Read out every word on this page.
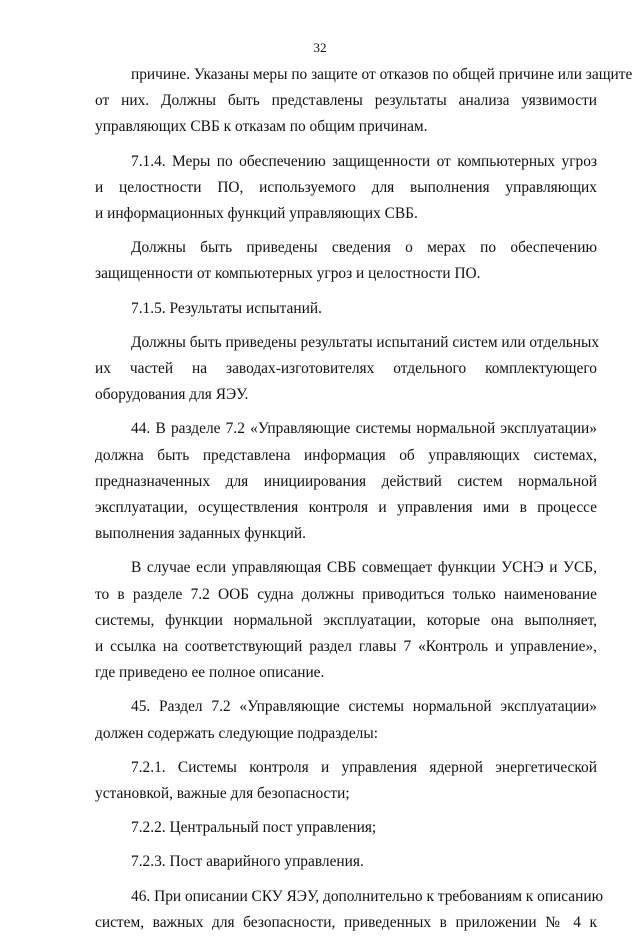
32
причине. Указаны меры по защите от отказов по общей причине или защите
от них. Должны быть представлены результаты анализа уязвимости
управляющих СВБ к отказам по общим причинам.
7.1.4. Меры по обеспечению защищенности от компьютерных угроз
и целостности ПО, используемого для выполнения управляющих
и информационных функций управляющих СВБ.
Должны быть приведены сведения о мерах по обеспечению
защищенности от компьютерных угроз и целостности ПО.
7.1.5. Результаты испытаний.
Должны быть приведены результаты испытаний систем или отдельных
их частей на заводах-изготовителях отдельного комплектующего
оборудования для ЯЭУ.
44. В разделе 7.2 «Управляющие системы нормальной эксплуатации»
должна быть представлена информация об управляющих системах,
предназначенных для инициирования действий систем нормальной
эксплуатации, осуществления контроля и управления ими в процессе
выполнения заданных функций.
В случае если управляющая СВБ совмещает функции УСНЭ и УСБ,
то в разделе 7.2 ООБ судна должны приводиться только наименование
системы, функции нормальной эксплуатации, которые она выполняет,
и ссылка на соответствующий раздел главы 7 «Контроль и управление»,
где приведено ее полное описание.
45. Раздел 7.2 «Управляющие системы нормальной эксплуатации»
должен содержать следующие подразделы:
7.2.1. Системы контроля и управления ядерной энергетической
установкой, важные для безопасности;
7.2.2. Центральный пост управления;
7.2.3. Пост аварийного управления.
46. При описании СКУ ЯЭУ, дополнительно к требованиям к описанию
систем, важных для безопасности, приведенных в приложении № 4 к
